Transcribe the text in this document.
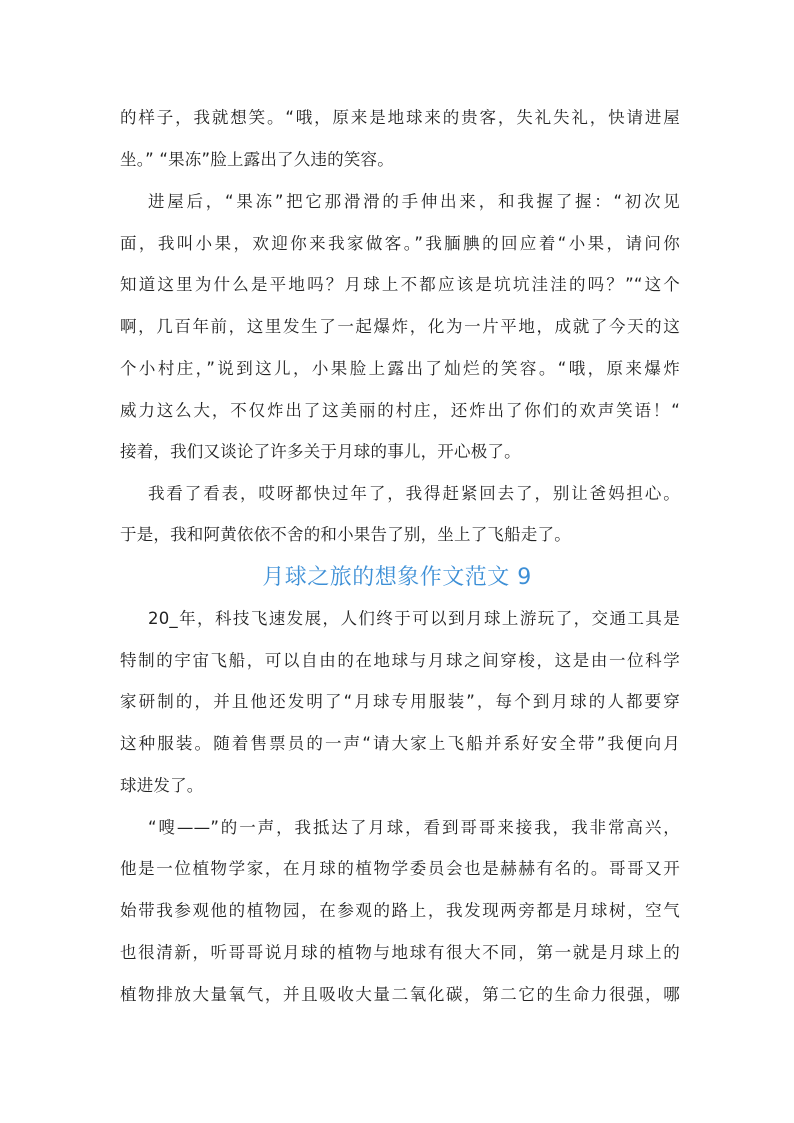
的样子，我就想笑。“哦，原来是地球来的贵客，失礼失礼，快请进屋
坐。” “果冻”脸上露出了久违的笑容。
进屋后，“果冻”把它那滑滑的手伸出来，和我握了握：“初次见
面，我叫小果，欢迎你来我家做客。”我腼腆的回应着“小果，请问你
知道这里为什么是平地吗？月球上不都应该是坑坑洼洼的吗？”“这个
啊，几百年前，这里发生了一起爆炸，化为一片平地，成就了今天的这
个小村庄，”说到这儿，小果脸上露出了灿烂的笑容。“哦，原来爆炸
威力这么大，不仅炸出了这美丽的村庄，还炸出了你们的欢声笑语！“
接着，我们又谈论了许多关于月球的事儿，开心极了。
我看了看表，哎呀都快过年了，我得赶紧回去了，别让爸妈担心。
于是，我和阿黄依依不舍的和小果告了别，坐上了飞船走了。
月球之旅的想象作文范文 9
20_年，科技飞速发展，人们终于可以到月球上游玩了，交通工具是
特制的宇宙飞船，可以自由的在地球与月球之间穿梭，这是由一位科学
家研制的，并且他还发明了“月球专用服装”，每个到月球的人都要穿
这种服装。随着售票员的一声“请大家上飞船并系好安全带”我便向月
球进发了。
“嗖——”的一声，我抵达了月球，看到哥哥来接我，我非常高兴，
他是一位植物学家，在月球的植物学委员会也是赫赫有名的。哥哥又开
始带我参观他的植物园，在参观的路上，我发现两旁都是月球树，空气
也很清新，听哥哥说月球的植物与地球有很大不同，第一就是月球上的
植物排放大量氧气，并且吸收大量二氧化碳，第二它的生命力很强，哪
